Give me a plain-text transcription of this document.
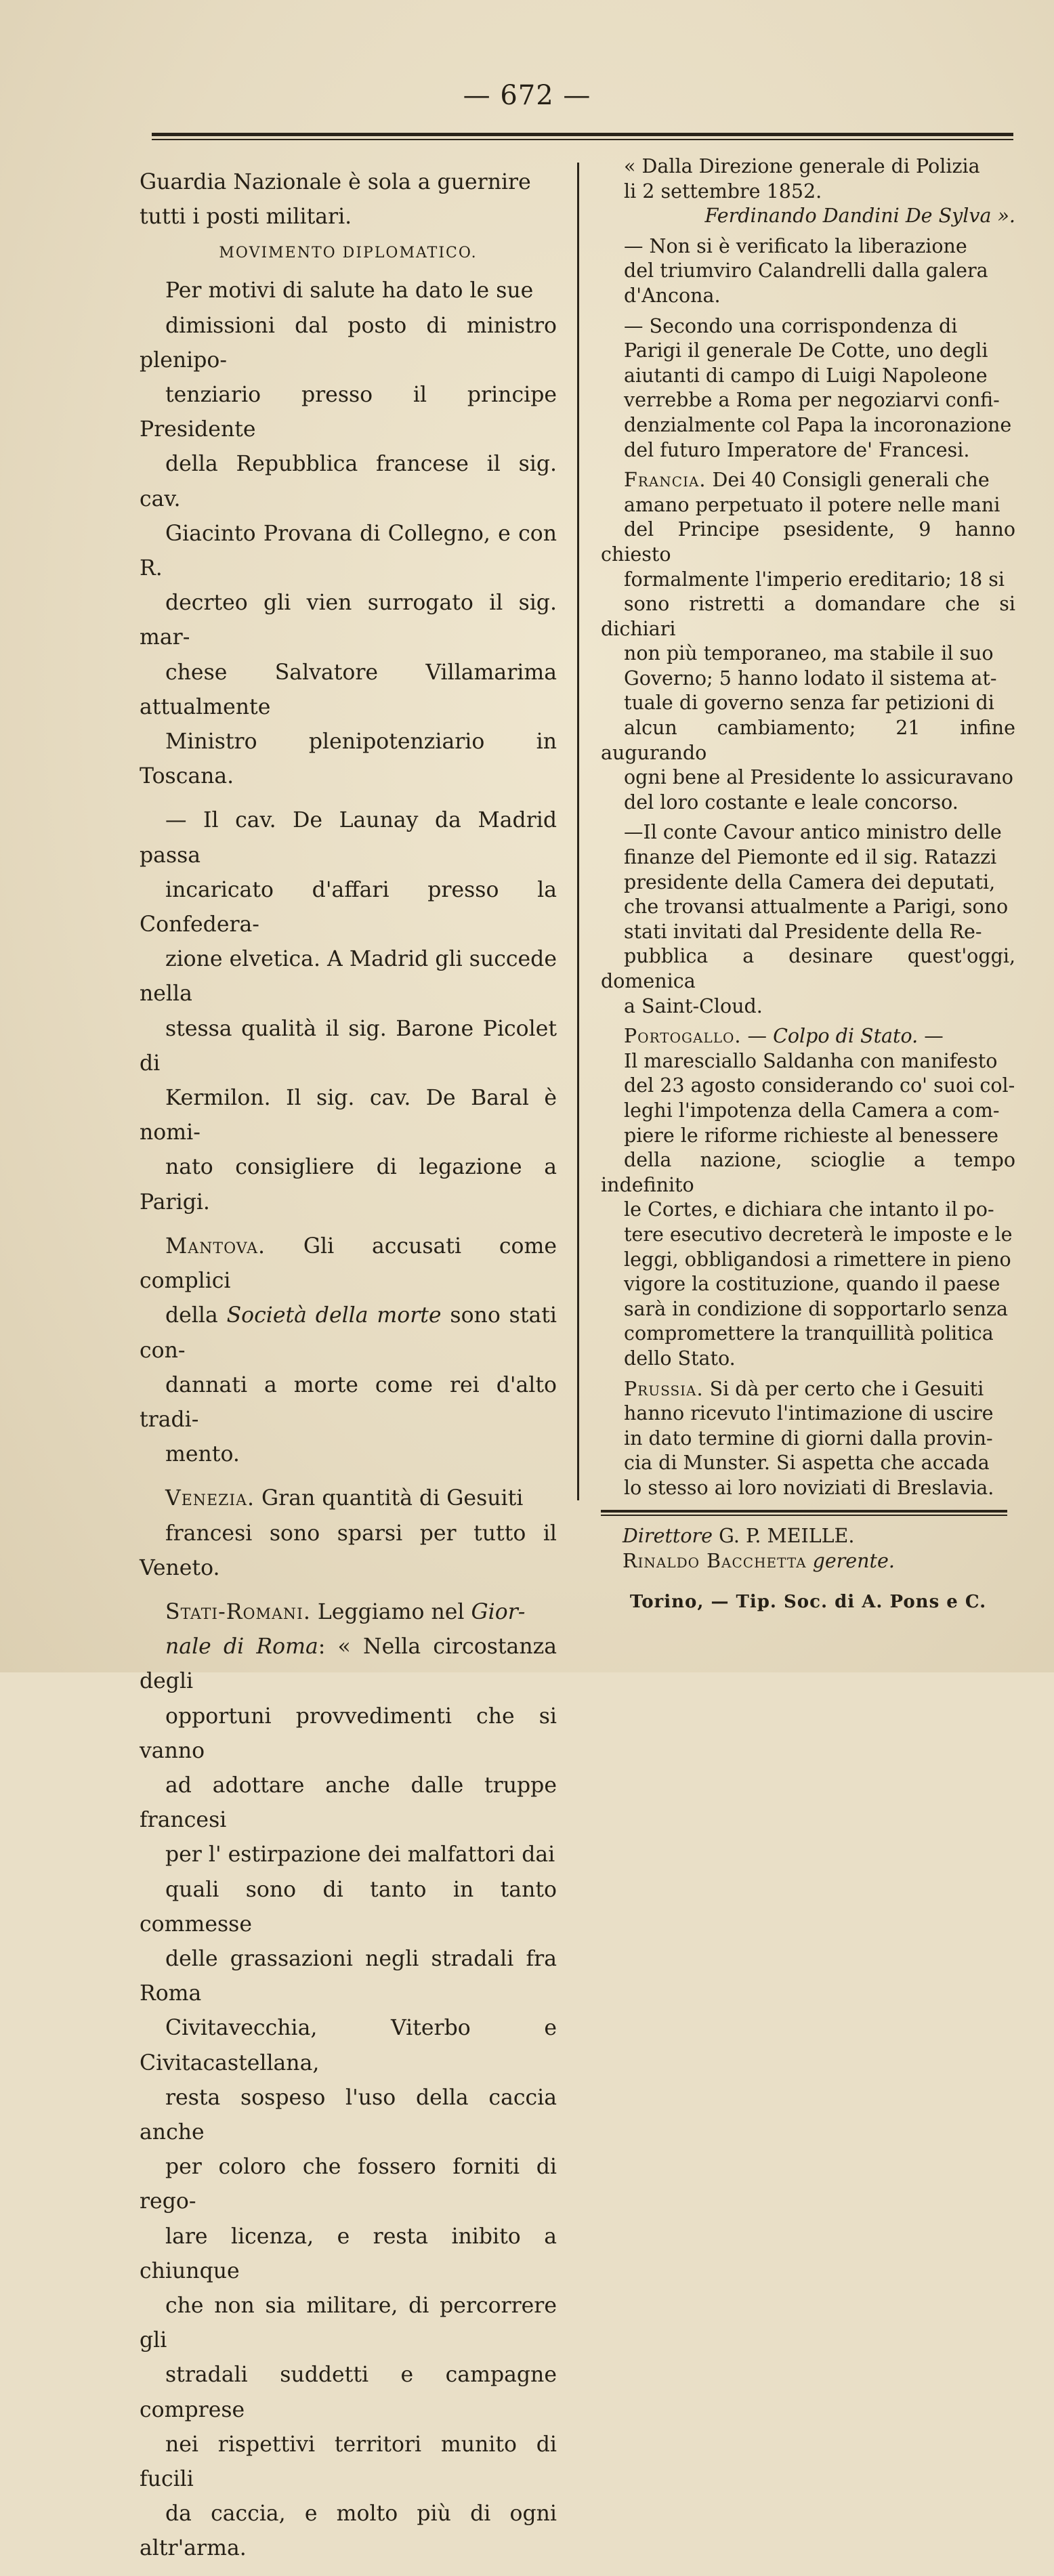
— 672 —
Guardia Nazionale è sola a guernire
tutti i posti militari.
MOVIMENTO DIPLOMATICO.
Per motivi di salute ha dato le sue
dimissioni dal posto di ministro plenipo-
tenziario presso il principe Presidente
della Repubblica francese il sig. cav.
Giacinto Provana di Collegno, e con R.
decrteo gli vien surrogato il sig. mar-
chese Salvatore Villamarima attualmente
Ministro plenipotenziario in Toscana.
— Il cav. De Launay da Madrid passa
incaricato d'affari presso la Confedera-
zione elvetica. A Madrid gli succede nella
stessa qualità il sig. Barone Picolet di
Kermilon. Il sig. cav. De Baral è nomi-
nato consigliere di legazione a Parigi.
Mantova. Gli accusati come complici
della Società della morte sono stati con-
dannati a morte come rei d'alto tradi-
mento.
Venezia. Gran quantità di Gesuiti
francesi sono sparsi per tutto il Veneto.
Stati-Romani. Leggiamo nel Gior-
nale di Roma: « Nella circostanza degli
opportuni provvedimenti che si vanno
ad adottare anche dalle truppe francesi
per l' estirpazione dei malfattori dai
quali sono di tanto in tanto commesse
delle grassazioni negli stradali fra Roma
Civitavecchia, Viterbo e Civitacastellana,
resta sospeso l'uso della caccia anche
per coloro che fossero forniti di rego-
lare licenza, e resta inibito a chiunque
che non sia militare, di percorrere gli
stradali suddetti e campagne comprese
nei rispettivi territori munito di fucili
da caccia, e molto più di ogni altr'arma.
« Dalla Direzione generale di Polizia
li 2 settembre 1852.
Ferdinando Dandini De Sylva ».
— Non si è verificato la liberazione
del triumviro Calandrelli dalla galera
d'Ancona.
— Secondo una corrispondenza di
Parigi il generale De Cotte, uno degli
aiutanti di campo di Luigi Napoleone
verrebbe a Roma per negoziarvi confi-
denzialmente col Papa la incoronazione
del futuro Imperatore de' Francesi.
Francia. Dei 40 Consigli generali che
amano perpetuato il potere nelle mani
del Principe psesidente, 9 hanno chiesto
formalmente l'imperio ereditario; 18 si
sono ristretti a domandare che si dichiari
non più temporaneo, ma stabile il suo
Governo; 5 hanno lodato il sistema at-
tuale di governo senza far petizioni di
alcun cambiamento; 21 infine augurando
ogni bene al Presidente lo assicuravano
del loro costante e leale concorso.
—Il conte Cavour antico ministro delle
finanze del Piemonte ed il sig. Ratazzi
presidente della Camera dei deputati,
che trovansi attualmente a Parigi, sono
stati invitati dal Presidente della Re-
pubblica a desinare quest'oggi, domenica
a Saint-Cloud.
Portogallo. — Colpo di Stato. —
Il maresciallo Saldanha con manifesto
del 23 agosto considerando co' suoi col-
leghi l'impotenza della Camera a com-
piere le riforme richieste al benessere
della nazione, scioglie a tempo indefinito
le Cortes, e dichiara che intanto il po-
tere esecutivo decreterà le imposte e le
leggi, obbligandosi a rimettere in pieno
vigore la costituzione, quando il paese
sarà in condizione di sopportarlo senza
compromettere la tranquillità politica
dello Stato.
Prussia. Si dà per certo che i Gesuiti
hanno ricevuto l'intimazione di uscire
in dato termine di giorni dalla provin-
cia di Munster. Si aspetta che accada
lo stesso ai loro noviziati di Breslavia.
Direttore G. P. MEILLE.
Rinaldo Bacchetta gerente.
Torino, — Tip. Soc. di A. Pons e C.
